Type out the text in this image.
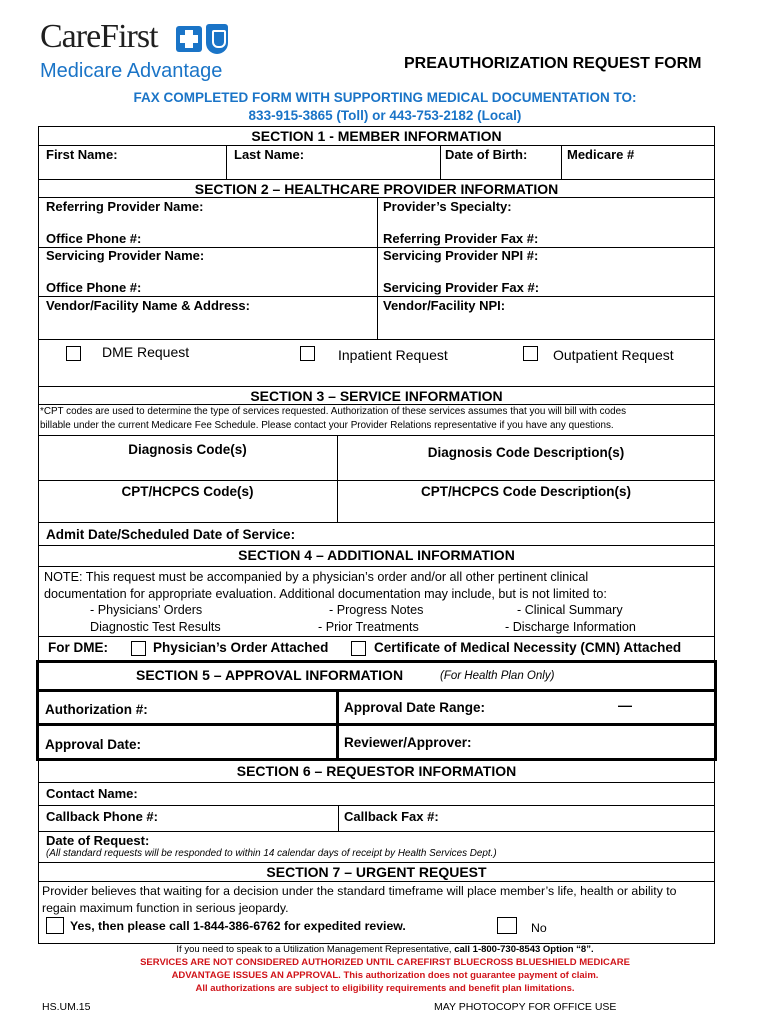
CareFirst
Medicare Advantage	PREAUTHORIZATION REQUEST FORM
FAX COMPLETED FORM WITH SUPPORTING MEDICAL DOCUMENTATION TO:
833-915-3865 (Toll) or 443-753-2182 (Local)
SECTION 1 - MEMBER INFORMATION
First Name:	Last Name:	Date of Birth:	Medicare #
SECTION 2 – HEALTHCARE PROVIDER INFORMATION
Referring Provider Name:	Provider’s Specialty:
Office Phone #:	Referring Provider Fax #:
Servicing Provider Name:	Servicing Provider NPI #:
Office Phone #:	Servicing Provider Fax #:
Vendor/Facility Name & Address:	Vendor/Facility NPI:
DME Request	Inpatient Request	Outpatient Request
SECTION 3 – SERVICE INFORMATION
*CPT codes are used to determine the type of services requested. Authorization of these services assumes that you will bill with codes
billable under the current Medicare Fee Schedule. Please contact your Provider Relations representative if you have any questions.
Diagnosis Code(s)	Diagnosis Code Description(s)
CPT/HCPCS Code(s)	CPT/HCPCS Code Description(s)
Admit Date/Scheduled Date of Service:
SECTION 4 – ADDITIONAL INFORMATION
NOTE: This request must be accompanied by a physician’s order and/or all other pertinent clinical
documentation for appropriate evaluation. Additional documentation may include, but is not limited to:
- Physicians’ Orders	- Progress Notes	- Clinical Summary
Diagnostic Test Results	- Prior Treatments	- Discharge Information
For DME:	Physician’s Order Attached	Certificate of Medical Necessity (CMN) Attached
SECTION 5 – APPROVAL INFORMATION	(For Health Plan Only)
Authorization #:	Approval Date Range:	—
Approval Date:	Reviewer/Approver:
SECTION 6 – REQUESTOR INFORMATION
Contact Name:
Callback Phone #:	Callback Fax #:
Date of Request:
(All standard requests will be responded to within 14 calendar days of receipt by Health Services Dept.)
SECTION 7 – URGENT REQUEST
Provider believes that waiting for a decision under the standard timeframe will place member’s life, health or ability to
regain maximum function in serious jeopardy.
Yes, then please call 1-844-386-6762 for expedited review.	No
If you need to speak to a Utilization Management Representative, call 1-800-730-8543 Option “8”.
SERVICES ARE NOT CONSIDERED AUTHORIZED UNTIL CAREFIRST BLUECROSS BLUESHIELD MEDICARE
ADVANTAGE ISSUES AN APPROVAL. This authorization does not guarantee payment of claim.
All authorizations are subject to eligibility requirements and benefit plan limitations.
HS.UM.15	MAY PHOTOCOPY FOR OFFICE USE
